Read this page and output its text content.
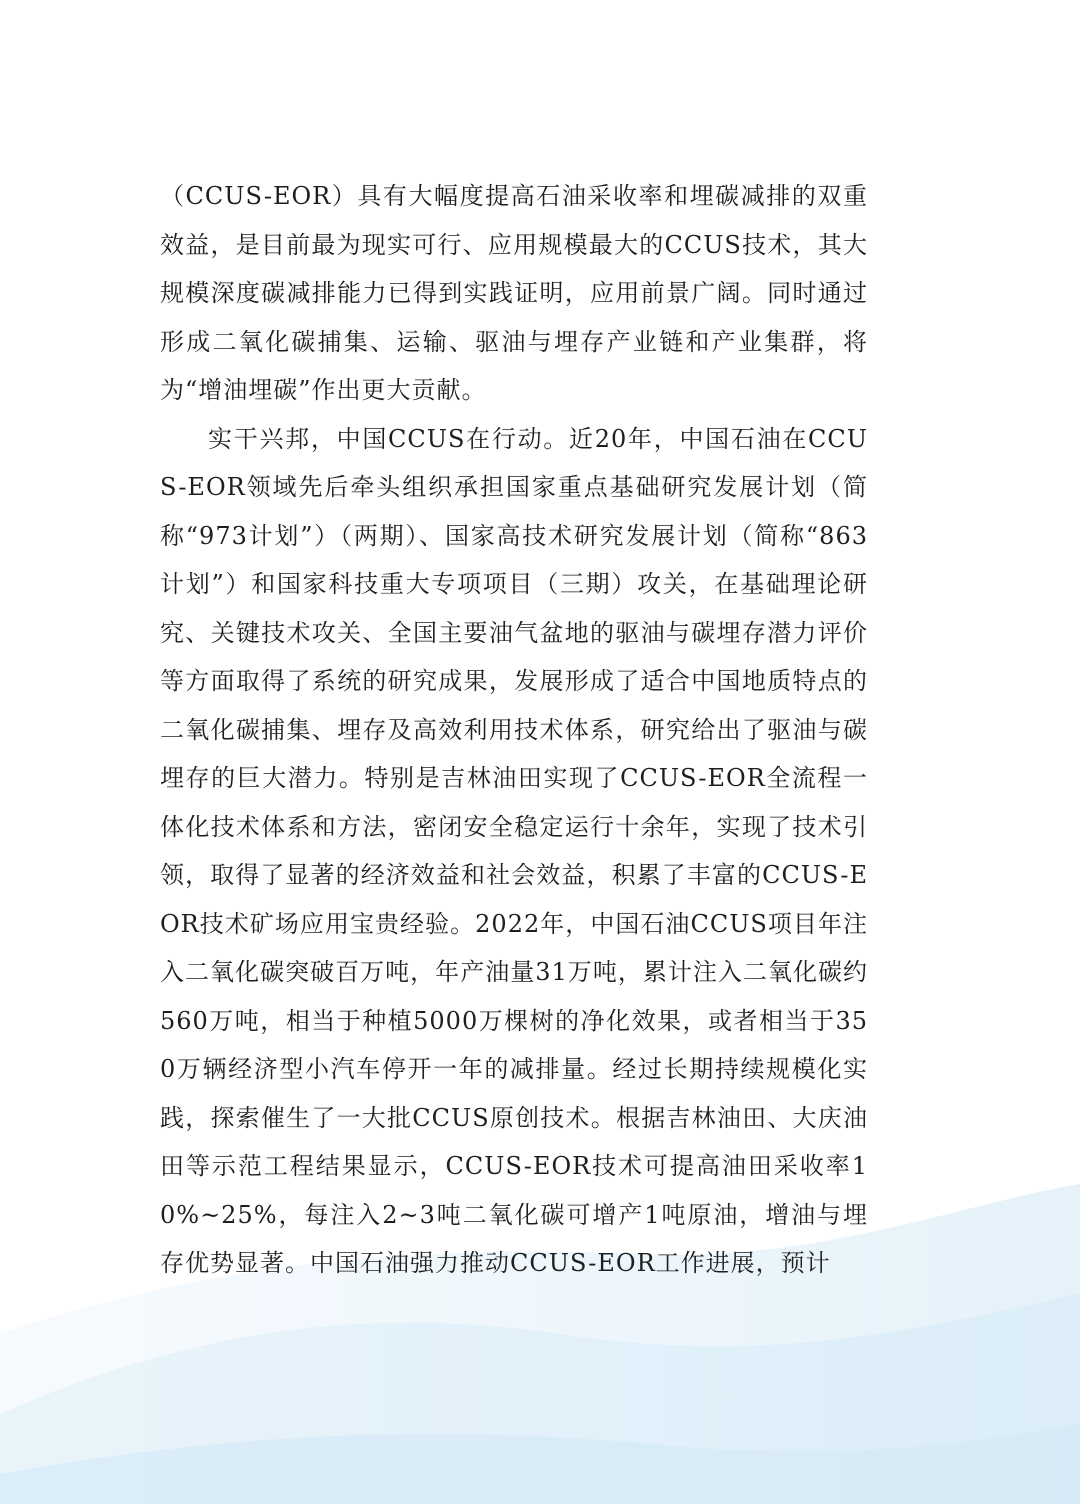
（CCUS-EOR）具有大幅度提高石油采收率和埋碳减排的双重效益，是目前最为现实可行、应用规模最大的CCUS技术，其大规模深度碳减排能力已得到实践证明，应用前景广阔。同时通过形成二氧化碳捕集、运输、驱油与埋存产业链和产业集群，将为“增油埋碳”作出更大贡献。

实干兴邦，中国CCUS在行动。近20年，中国石油在CCUS-EOR领域先后牵头组织承担国家重点基础研究发展计划（简称“973计划”）（两期）、国家高技术研究发展计划（简称“863计划”）和国家科技重大专项项目（三期）攻关，在基础理论研究、关键技术攻关、全国主要油气盆地的驱油与碳埋存潜力评价等方面取得了系统的研究成果，发展形成了适合中国地质特点的二氧化碳捕集、埋存及高效利用技术体系，研究给出了驱油与碳埋存的巨大潜力。特别是吉林油田实现了CCUS-EOR全流程一体化技术体系和方法，密闭安全稳定运行十余年，实现了技术引领，取得了显著的经济效益和社会效益，积累了丰富的CCUS-EOR技术矿场应用宝贵经验。2022年，中国石油CCUS项目年注入二氧化碳突破百万吨，年产油量31万吨，累计注入二氧化碳约560万吨，相当于种植5000万棵树的净化效果，或者相当于350万辆经济型小汽车停开一年的减排量。经过长期持续规模化实践，探索催生了一大批CCUS原创技术。根据吉林油田、大庆油田等示范工程结果显示，CCUS-EOR技术可提高油田采收率10%~25%，每注入2~3吨二氧化碳可增产1吨原油，增油与埋存优势显著。中国石油强力推动CCUS-EOR工作进展，预计
